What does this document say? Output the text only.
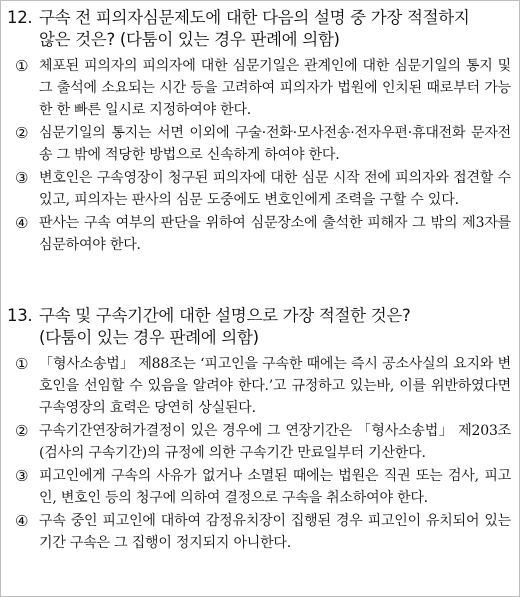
12. 구속 전 피의자심문제도에 대한 다음의 설명 중 가장 적절하지
않은 것은? (다툼이 있는 경우 판례에 의함)
① 체포된 피의자의 피의자에 대한 심문기일은 관계인에 대한 심문기일의 통지 및 그 출석에 소요되는 시간 등을 고려하여 피의자가 법원에 인치된 때로부터 가능한 한 빠른 일시로 지정하여야 한다.
② 심문기일의 통지는 서면 이외에 구술·전화·모사전송·전자우편·휴대전화 문자전송 그 밖에 적당한 방법으로 신속하게 하여야 한다.
③ 변호인은 구속영장이 청구된 피의자에 대한 심문 시작 전에 피의자와 접견할 수 있고, 피의자는 판사의 심문 도중에도 변호인에게 조력을 구할 수 있다.
④ 판사는 구속 여부의 판단을 위하여 심문장소에 출석한 피해자 그 밖의 제3자를 심문하여야 한다.
13. 구속 및 구속기간에 대한 설명으로 가장 적절한 것은?
(다툼이 있는 경우 판례에 의함)
① 「형사소송법」 제88조는 ‘피고인을 구속한 때에는 즉시 공소사실의 요지와 변호인을 선임할 수 있음을 알려야 한다.’고 규정하고 있는바, 이를 위반하였다면 구속영장의 효력은 당연히 상실된다.
② 구속기간연장허가결정이 있은 경우에 그 연장기간은 「형사소송법」 제203조(검사의 구속기간)의 규정에 의한 구속기간 만료일부터 기산한다.
③ 피고인에게 구속의 사유가 없거나 소멸된 때에는 법원은 직권 또는 검사, 피고인, 변호인 등의 청구에 의하여 결정으로 구속을 취소하여야 한다.
④ 구속 중인 피고인에 대하여 감정유치장이 집행된 경우 피고인이 유치되어 있는 기간 구속은 그 집행이 정지되지 아니한다.
